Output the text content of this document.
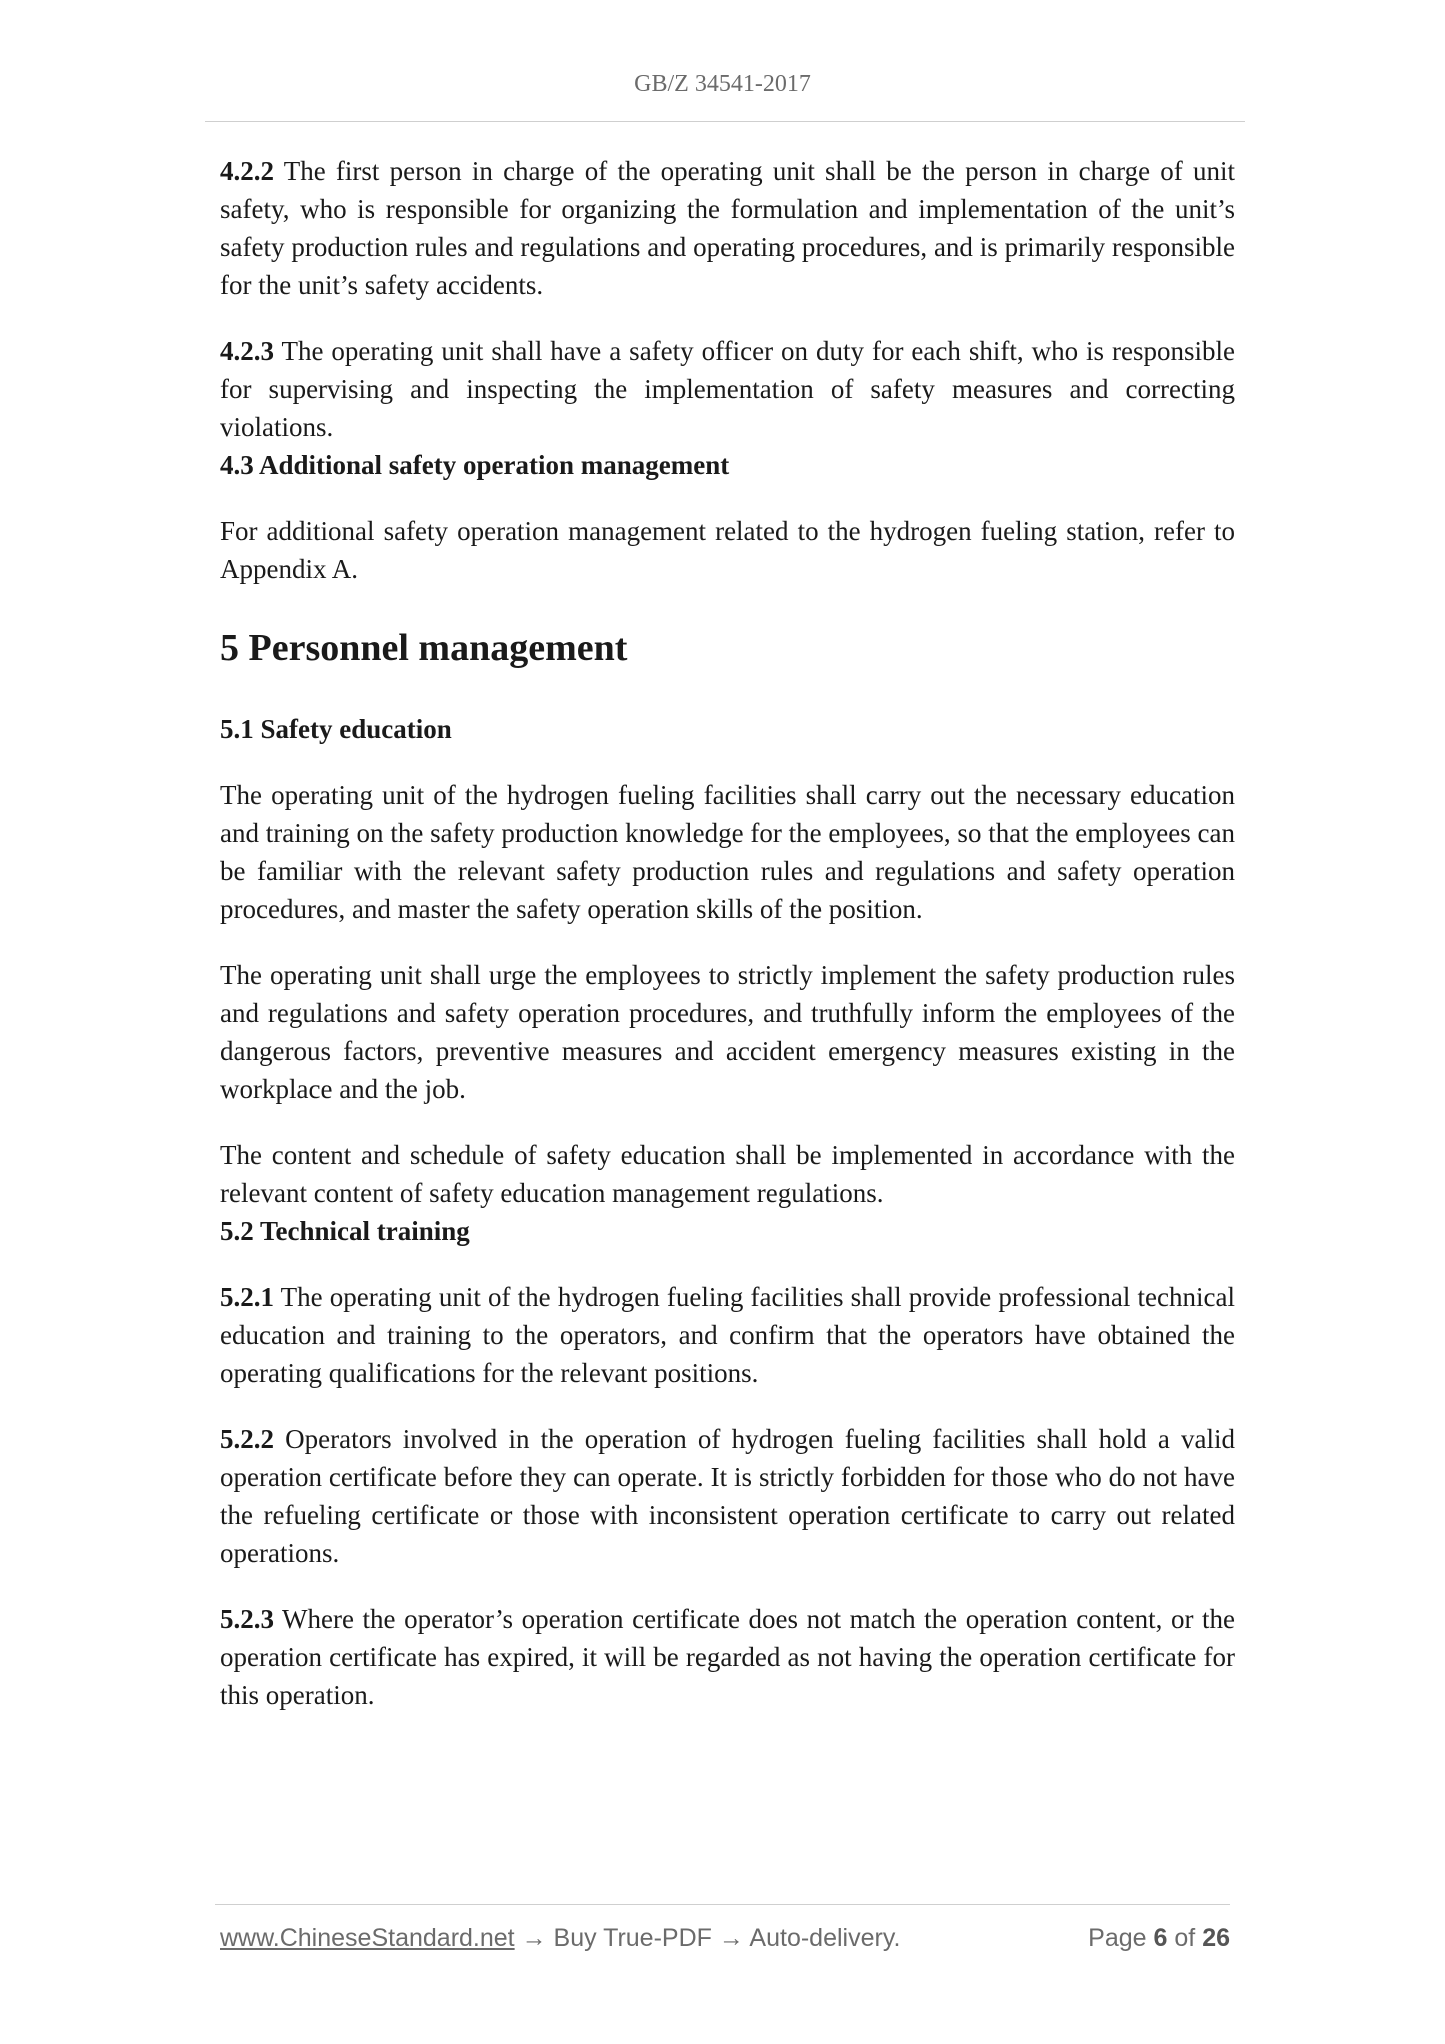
GB/Z 34541-2017

4.2.2 The first person in charge of the operating unit shall be the person in charge of unit safety, who is responsible for organizing the formulation and implementation of the unit’s safety production rules and regulations and operating procedures, and is primarily responsible for the unit’s safety accidents.

4.2.3 The operating unit shall have a safety officer on duty for each shift, who is responsible for supervising and inspecting the implementation of safety measures and correcting violations.

4.3 Additional safety operation management

For additional safety operation management related to the hydrogen fueling station, refer to Appendix A.

5 Personnel management

5.1 Safety education

The operating unit of the hydrogen fueling facilities shall carry out the necessary education and training on the safety production knowledge for the employees, so that the employees can be familiar with the relevant safety production rules and regulations and safety operation procedures, and master the safety operation skills of the position.

The operating unit shall urge the employees to strictly implement the safety production rules and regulations and safety operation procedures, and truthfully inform the employees of the dangerous factors, preventive measures and accident emergency measures existing in the workplace and the job.

The content and schedule of safety education shall be implemented in accordance with the relevant content of safety education management regulations.

5.2 Technical training

5.2.1 The operating unit of the hydrogen fueling facilities shall provide professional technical education and training to the operators, and confirm that the operators have obtained the operating qualifications for the relevant positions.

5.2.2 Operators involved in the operation of hydrogen fueling facilities shall hold a valid operation certificate before they can operate. It is strictly forbidden for those who do not have the refueling certificate or those with inconsistent operation certificate to carry out related operations.

5.2.3 Where the operator’s operation certificate does not match the operation content, or the operation certificate has expired, it will be regarded as not having the operation certificate for this operation.

www.ChineseStandard.net → Buy True-PDF → Auto-delivery.	Page 6 of 26
